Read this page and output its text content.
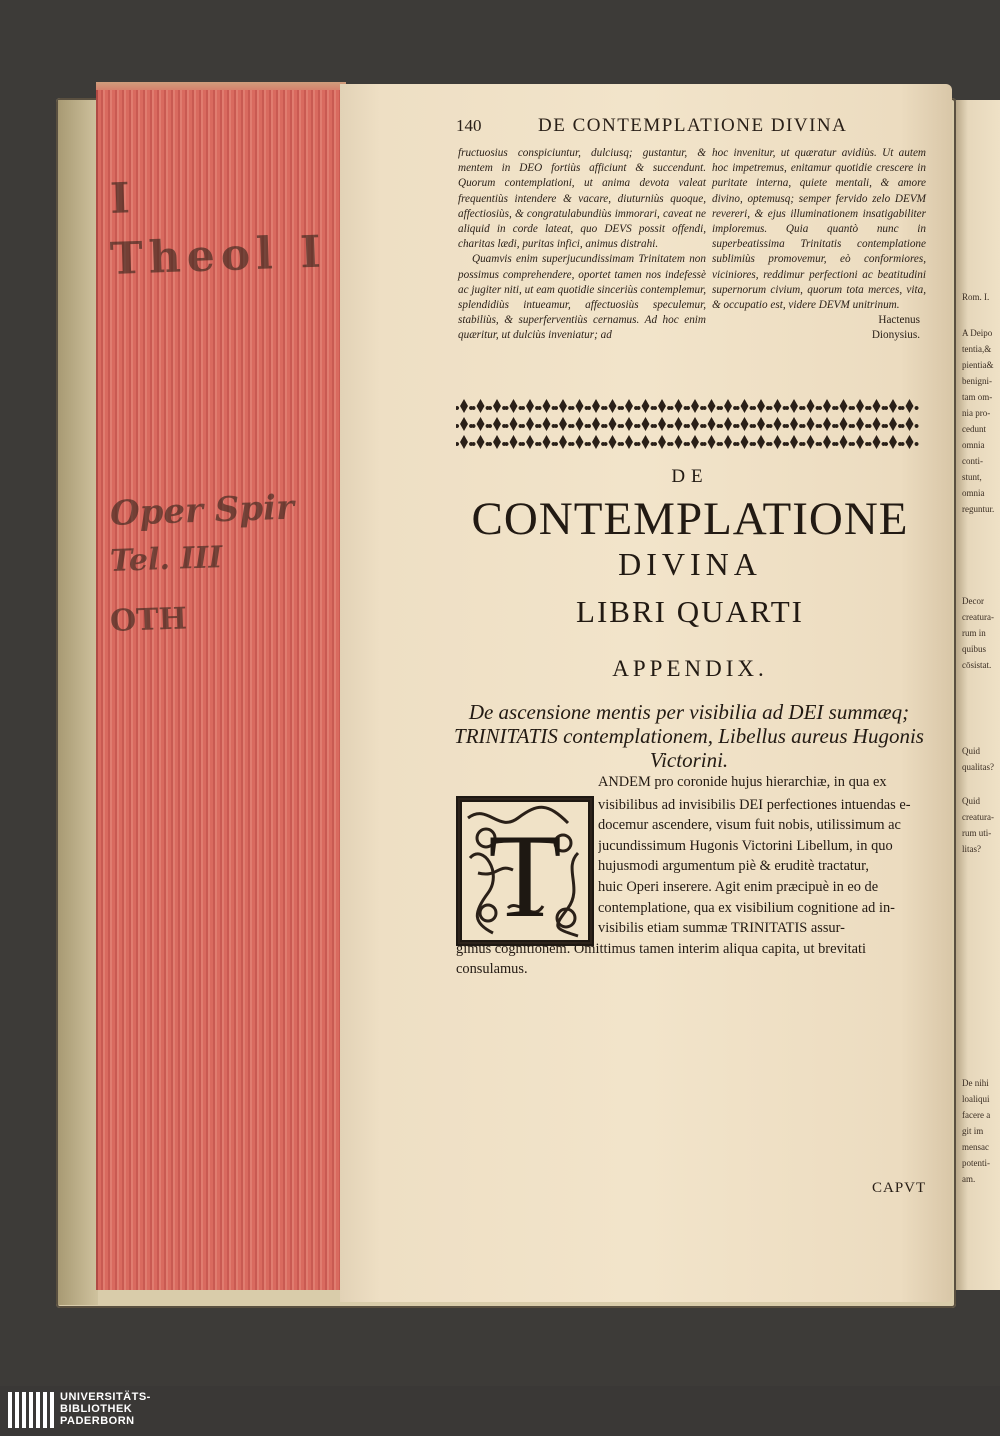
I
Theol I
Oper Spir
Tel. III
OTH
Rom. I.
A Deipo
tentia,&
pientia&
benigni-
tam om-
nia pro-
cedunt
omnia
conti-
stunt,
omnia
reguntur.
Decor
creatura-
rum in
quibus
cōsistat.
Quid
qualitas?
Quid
creatura-
rum uti-
litas?
De nihi
loaliqui
facere a
git im
mensac
potenti-
am.
140	DE CONTEMPLATIONE DIVINA

fructuosius conspiciuntur, dulciusq; gustantur, & mentem in DEO fortiùs afficiunt & succendunt. Quorum contemplationi, ut anima devota valeat frequentiùs intendere & vacare, diuturniùs quoque, affectiosiùs, & congratulabundiùs immorari, caveat ne aliquid in corde lateat, quo DEVS possit offendi, charitas lædi, puritas infici, animus distrahi.

Quamvis enim superjucundissimam Trinitatem non possimus comprehendere, oportet tamen nos indefessè ac jugiter niti, ut eam quotidie sinceriùs contemplemur, splendidiùs intueamur, affectuosiùs speculemur, stabiliùs, & superferventiùs cernamus. Ad hoc enim quæritur, ut dulciùs inveniatur; ad

hoc invenitur, ut quæratur avidiùs. Ut autem hoc impetremus, enitamur quotidie crescere in puritate interna, quiete mentali, & amore divino, optemusq; semper fervido zelo DEVM revereri, & ejus illuminationem insatigabiliter imploremus. Quia quantò nunc in superbeatissima Trinitatis contemplatione sublimiùs promovemur, eò conformiores, viciniores, reddimur perfectioni ac beatitudini supernorum civium, quorum tota merces, vita, & occupatio est, videre DEVM unitrinum.

Hactenus
Dionysius.
DE
CONTEMPLATIONE
DIVINA
LIBRI QUARTI
APPENDIX.
De ascensione mentis per visibilia ad DEI summæq; TRINITATIS contemplationem, Libellus aureus Hugonis Victorini.
T
ANDEM pro coronide hujus hierarchiæ, in qua ex
visibilibus ad invisibilis DEI perfectiones intuendas e-
docemur ascendere, visum fuit nobis, utilissimum ac
jucundissimum Hugonis Victorini Libellum, in quo
hujusmodi argumentum piè & eruditè tractatur,
huic Operi inserere. Agit enim præcipuè in eo de
contemplatione, qua ex visibilium cognitione ad in-
visibilis etiam summæ TRINITATIS assur-
gimus cognitionem. Omittimus tamen interim aliqua capita, ut brevitati
consulamus.
CAPVT
UNIVERSITÄTS-
BIBLIOTHEK
PADERBORN
